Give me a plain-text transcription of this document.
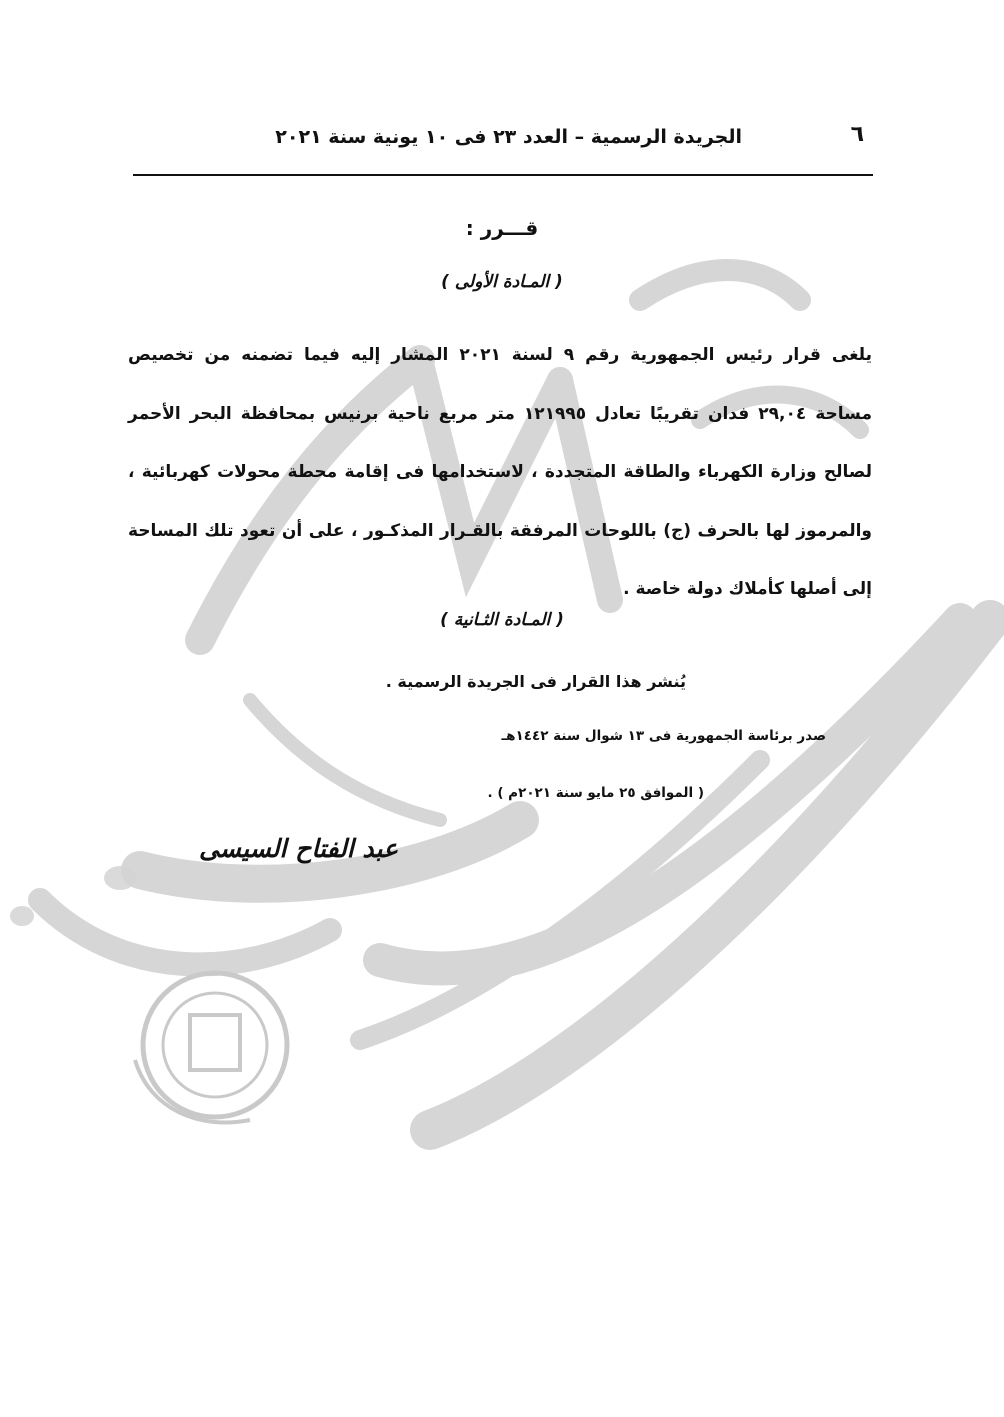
٦
الجريدة الرسمية – العدد ٢٣ فى ١٠ يونية سنة ٢٠٢١
قـــرر :
( المـادة الأولى )
يلغى قرار رئيس الجمهورية رقم ٩ لسنة ٢٠٢١ المشار إليه فيما تضمنه من تخصيص
مساحة ٢٩,٠٤ فدان تقريبًا تعادل ١٢١٩٩٥ متر مربع ناحية برنيس بمحافظة البحر الأحمر
لصالح وزارة الكهرباء والطاقة المتجددة ، لاستخدامها فى إقامة محطة محولات كهربائية ،
والمرموز لها بالحرف (ج) باللوحات المرفقة بالقـرار المذكـور ، على أن تعود تلك المساحة
إلى أصلها كأملاك دولة خاصة .
( المـادة الثـانية )
يُنشر هذا القرار فى الجريدة الرسمية .
صدر برئاسة الجمهورية فى ١٣ شوال سنة ١٤٤٢هـ
( الموافق ٢٥ مايو سنة ٢٠٢١م ) .
عبد الفتاح السيسى
